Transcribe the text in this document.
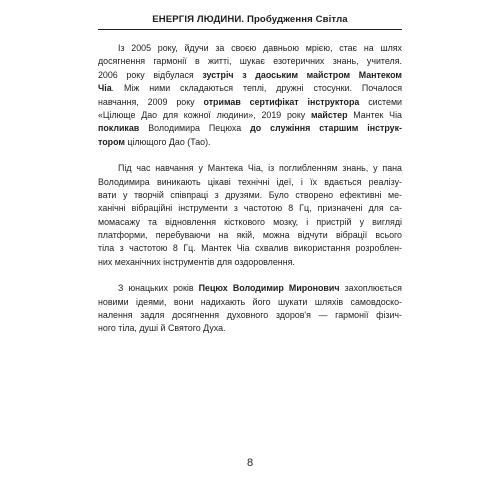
ЕНЕРГІЯ ЛЮДИНИ. Пробудження Світла
Із 2005 року, йдучи за своєю давньою мрією, стає на шлях
досягнення гармонії в житті, шукає езотеричних знань, учителя.
2006 року відбулася зустріч з даоським майстром Мантеком
Чіа. Між ними складаються теплі, дружні стосунки. Почалося
навчання, 2009 року отримав сертифікат інструктора системи
«Цілюще Дао для кожної людини», 2019 року майстер Мантек Чіа
покликав Володимира Пецюха до служіння старшим інструк-
тором цілющого Дао (Тао).
Під час навчання у Мантека Чіа, із поглибленням знань, у пана
Володимира виникають цікаві технічні ідеї, і їх вдається реалізу-
вати у творчій співпраці з друзями. Було створено ефективні ме-
ханічні вібраційні інструменти з частотою 8 Гц, призначені для са-
момасажу та відновлення кісткового мозку, і пристрій у вигляді
платформи, перебуваючи на якій, можна відчути вібрації всього
тіла з частотою 8 Гц. Мантек Чіа схвалив використання розроблен-
них механічних інструментів для оздоровлення.
З юнацьких років Пецюх Володимир Миронович захоплюється
новими ідеями, вони надихають його шукати шляхів самовдоско-
налення задля досягнення духовного здоров'я — гармонії фізич-
ного тіла, душі й Святого Духа.
8
